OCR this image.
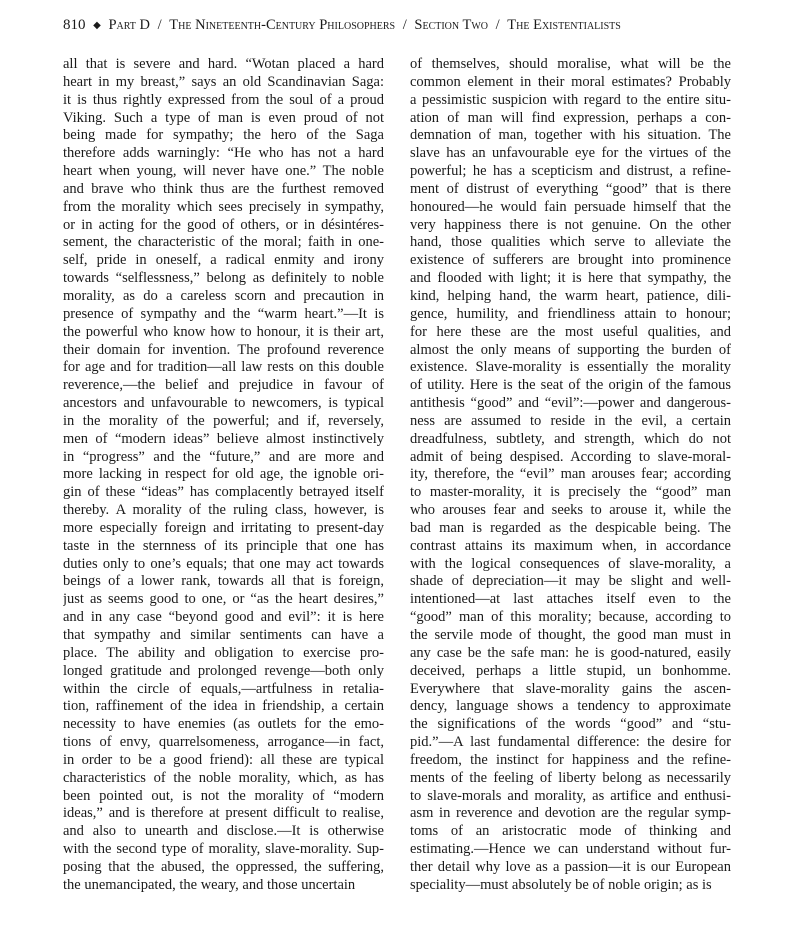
810 ◆ Part D / The Nineteenth-Century Philosophers / Section Two / The Existentialists
all that is severe and hard. “Wotan placed a hard
heart in my breast,” says an old Scandinavian Saga:
it is thus rightly expressed from the soul of a proud
Viking. Such a type of man is even proud of not
being made for sympathy; the hero of the Saga
therefore adds warningly: “He who has not a hard
heart when young, will never have one.” The noble
and brave who think thus are the furthest removed
from the morality which sees precisely in sympathy,
or in acting for the good of others, or in désintéres-
sement, the characteristic of the moral; faith in one-
self, pride in oneself, a radical enmity and irony
towards “selflessness,” belong as definitely to noble
morality, as do a careless scorn and precaution in
presence of sympathy and the “warm heart.”—It is
the powerful who know how to honour, it is their art,
their domain for invention. The profound reverence
for age and for tradition—all law rests on this double
reverence,—the belief and prejudice in favour of
ancestors and unfavourable to newcomers, is typical
in the morality of the powerful; and if, reversely,
men of “modern ideas” believe almost instinctively
in “progress” and the “future,” and are more and
more lacking in respect for old age, the ignoble ori-
gin of these “ideas” has complacently betrayed itself
thereby. A morality of the ruling class, however, is
more especially foreign and irritating to present-day
taste in the sternness of its principle that one has
duties only to one’s equals; that one may act towards
beings of a lower rank, towards all that is foreign,
just as seems good to one, or “as the heart desires,”
and in any case “beyond good and evil”: it is here
that sympathy and similar sentiments can have a
place. The ability and obligation to exercise pro-
longed gratitude and prolonged revenge—both only
within the circle of equals,—artfulness in retalia-
tion, raffinement of the idea in friendship, a certain
necessity to have enemies (as outlets for the emo-
tions of envy, quarrelsomeness, arrogance—in fact,
in order to be a good friend): all these are typical
characteristics of the noble morality, which, as has
been pointed out, is not the morality of “modern
ideas,” and is therefore at present difficult to realise,
and also to unearth and disclose.—It is otherwise
with the second type of morality, slave-morality. Sup-
posing that the abused, the oppressed, the suffering,
the unemancipated, the weary, and those uncertain
of themselves, should moralise, what will be the
common element in their moral estimates? Probably
a pessimistic suspicion with regard to the entire situ-
ation of man will find expression, perhaps a con-
demnation of man, together with his situation. The
slave has an unfavourable eye for the virtues of the
powerful; he has a scepticism and distrust, a refine-
ment of distrust of everything “good” that is there
honoured—he would fain persuade himself that the
very happiness there is not genuine. On the other
hand, those qualities which serve to alleviate the
existence of sufferers are brought into prominence
and flooded with light; it is here that sympathy, the
kind, helping hand, the warm heart, patience, dili-
gence, humility, and friendliness attain to honour;
for here these are the most useful qualities, and
almost the only means of supporting the burden of
existence. Slave-morality is essentially the morality
of utility. Here is the seat of the origin of the famous
antithesis “good” and “evil”:—power and dangerous-
ness are assumed to reside in the evil, a certain
dreadfulness, subtlety, and strength, which do not
admit of being despised. According to slave-moral-
ity, therefore, the “evil” man arouses fear; according
to master-morality, it is precisely the “good” man
who arouses fear and seeks to arouse it, while the
bad man is regarded as the despicable being. The
contrast attains its maximum when, in accordance
with the logical consequences of slave-morality, a
shade of depreciation—it may be slight and well-
intentioned—at last attaches itself even to the
“good” man of this morality; because, according to
the servile mode of thought, the good man must in
any case be the safe man: he is good-natured, easily
deceived, perhaps a little stupid, un bonhomme.
Everywhere that slave-morality gains the ascen-
dency, language shows a tendency to approximate
the significations of the words “good” and “stu-
pid.”—A last fundamental difference: the desire for
freedom, the instinct for happiness and the refine-
ments of the feeling of liberty belong as necessarily
to slave-morals and morality, as artifice and enthusi-
asm in reverence and devotion are the regular symp-
toms of an aristocratic mode of thinking and
estimating.—Hence we can understand without fur-
ther detail why love as a passion—it is our European
speciality—must absolutely be of noble origin; as is
